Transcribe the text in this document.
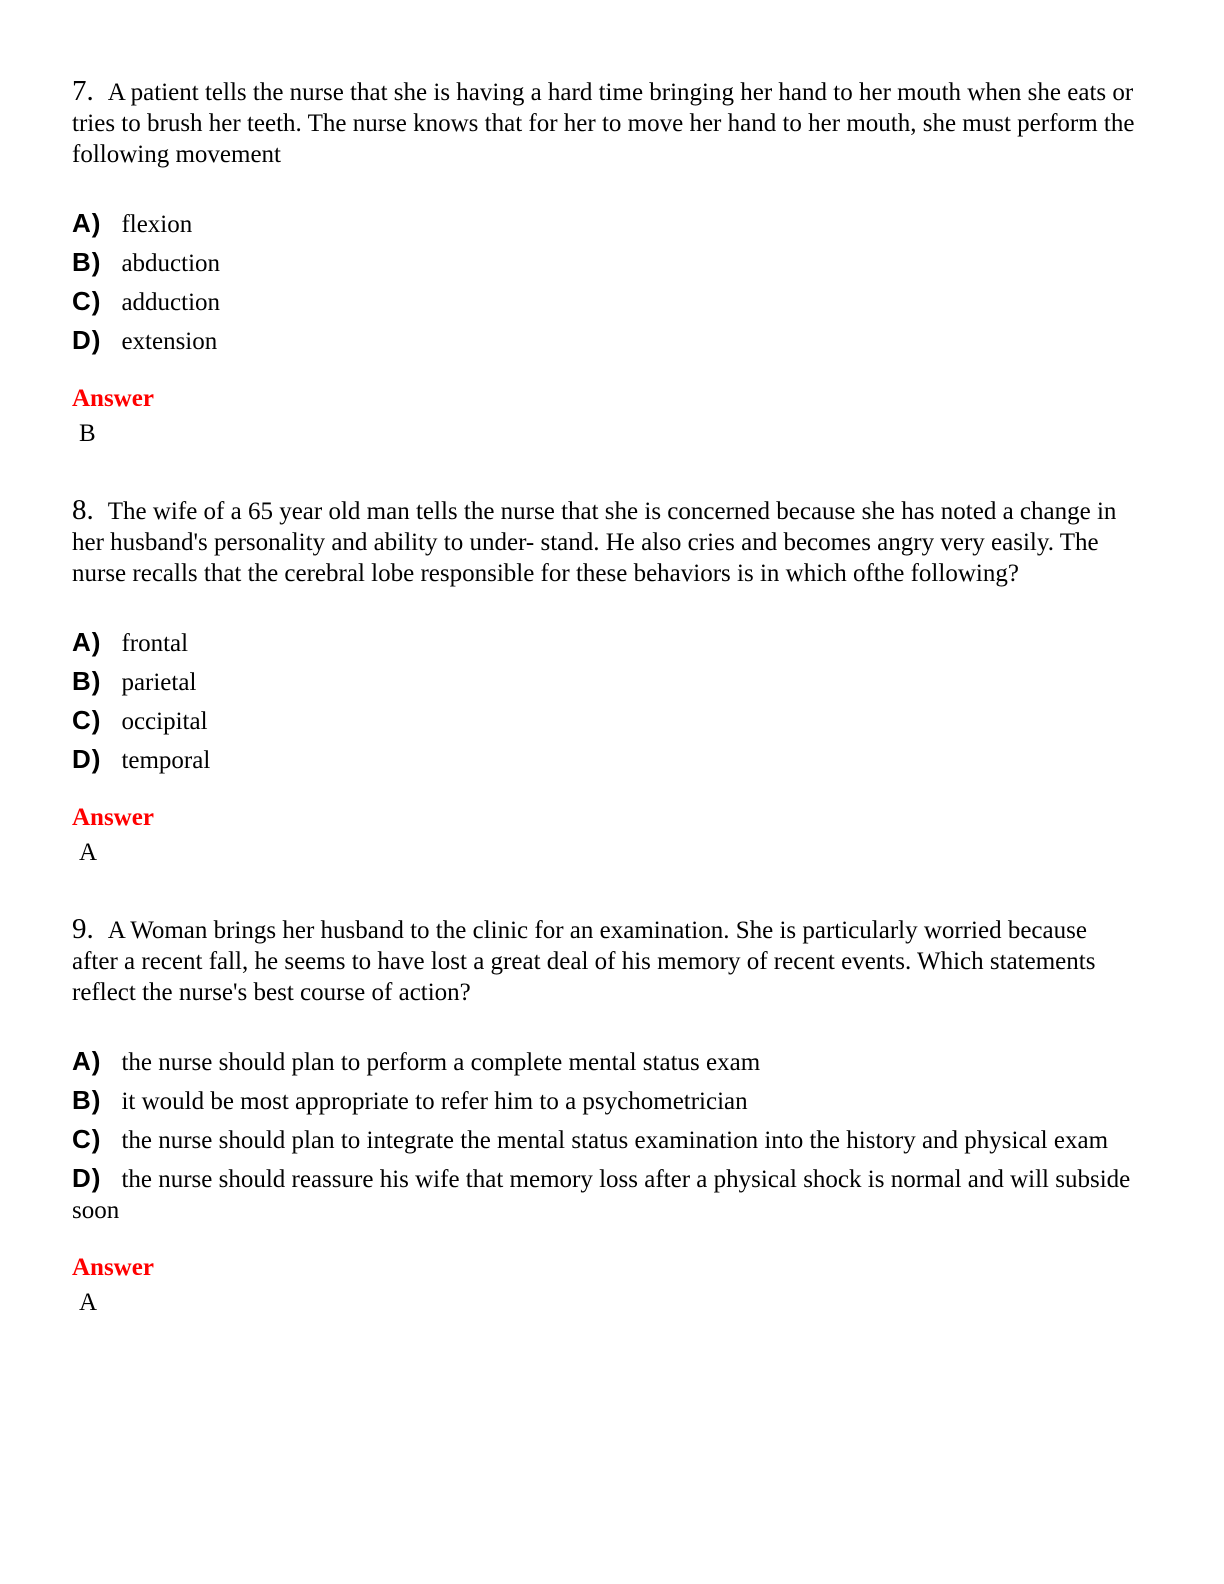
7. A patient tells the nurse that she is having a hard time bringing her hand to her mouth when she eats or tries to brush her teeth. The nurse knows that for her to move her hand to her mouth, she must perform the following movement

A) flexion

B) abduction

C) adduction

D) extension

Answer

B

8. The wife of a 65 year old man tells the nurse that she is concerned because she has noted a change in her husband's personality and ability to under- stand. He also cries and becomes angry very easily. The nurse recalls that the cerebral lobe responsible for these behaviors is in which ofthe following?

A) frontal

B) parietal

C) occipital

D) temporal

Answer

A

9. A Woman brings her husband to the clinic for an examination. She is particularly worried because after a recent fall, he seems to have lost a great deal of his memory of recent events. Which statements reflect the nurse's best course of action?

A) the nurse should plan to perform a complete mental status exam

B) it would be most appropriate to refer him to a psychometrician

C) the nurse should plan to integrate the mental status examination into the history and physical exam

D) the nurse should reassure his wife that memory loss after a physical shock is normal and will subside soon

Answer

A
